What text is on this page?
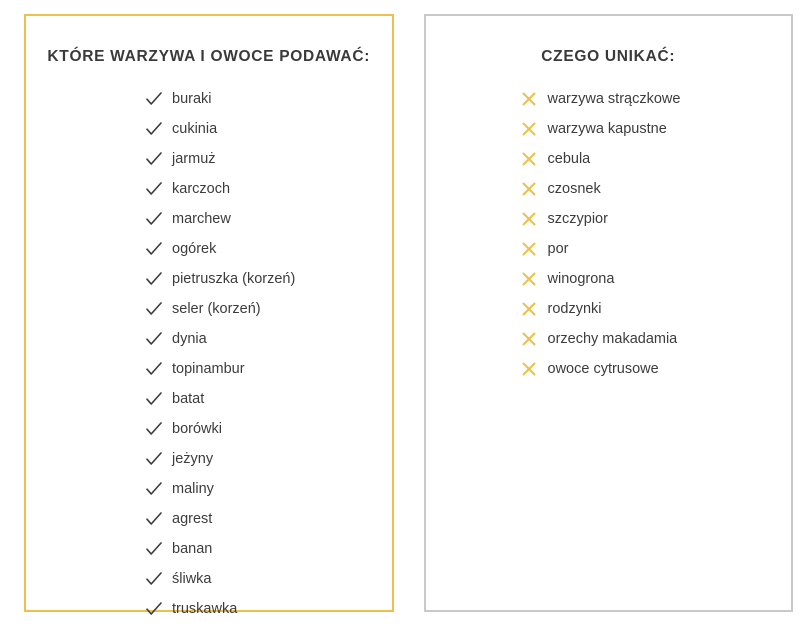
KTÓRE WARZYWA I OWOCE PODAWAĆ:
buraki
cukinia
jarmuż
karczoch
marchew
ogórek
pietruszka (korzeń)
seler (korzeń)
dynia
topinambur
batat
borówki
jeżyny
maliny
agrest
banan
śliwka
truskawka
CZEGO UNIKAĆ:
warzywa strączkowe
warzywa kapustne
cebula
czosnek
szczypior
por
winogrona
rodzynki
orzechy makadamia
owoce cytrusowe
